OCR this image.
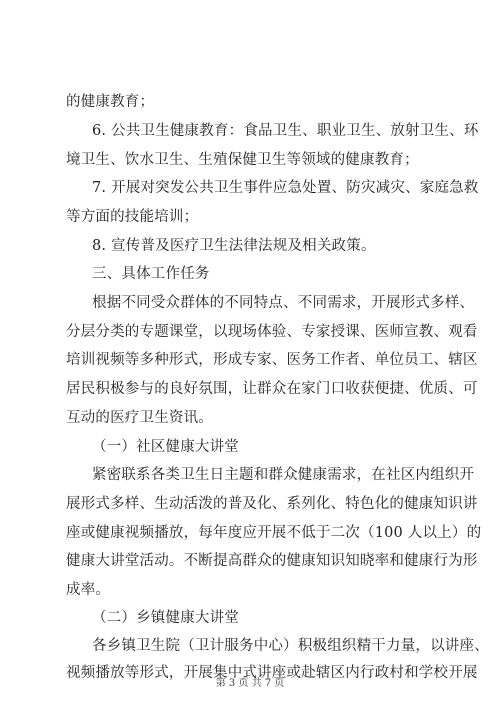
的健康教育；
6. 公共卫生健康教育：食品卫生、职业卫生、放射卫生、环
境卫生、饮水卫生、生殖保健卫生等领域的健康教育；
7. 开展对突发公共卫生事件应急处置、防灾减灾、家庭急救
等方面的技能培训；
8. 宣传普及医疗卫生法律法规及相关政策。
三、具体工作任务
根据不同受众群体的不同特点、不同需求，开展形式多样、
分层分类的专题课堂，以现场体验、专家授课、医师宣教、观看
培训视频等多种形式，形成专家、医务工作者、单位员工、辖区
居民积极参与的良好氛围，让群众在家门口收获便捷、优质、可
互动的医疗卫生资讯。
（一）社区健康大讲堂
紧密联系各类卫生日主题和群众健康需求，在社区内组织开
展形式多样、生动活泼的普及化、系列化、特色化的健康知识讲
座或健康视频播放，每年度应开展不低于二次（100 人以上）的
健康大讲堂活动。不断提高群众的健康知识知晓率和健康行为形
成率。
（二）乡镇健康大讲堂
各乡镇卫生院（卫计服务中心）积极组织精干力量，以讲座、
视频播放等形式，开展集中式讲座或赴辖区内行政村和学校开展
第 3 页 共 7 页
